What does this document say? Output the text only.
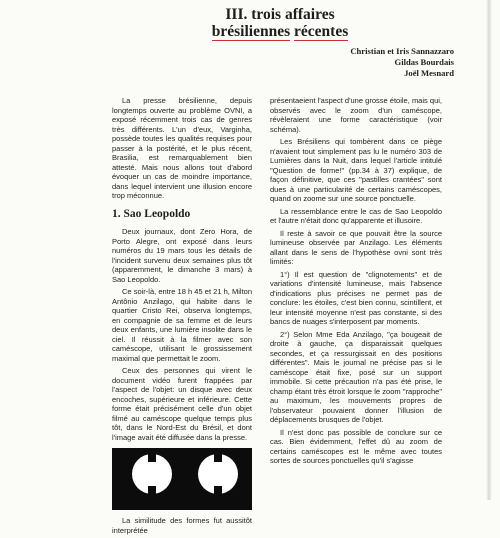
III. trois affaires
brésiliennes récentes
Christian et Iris Sannazzaro
Gildas Bourdais
Joël Mesnard

La presse brésilienne, depuis longtemps ouverte au problème OVNI, a exposé récemment trois cas de genres très différents. L'un d'eux, Varginha, possède toutes les qualités requises pour passer à la postérité, et le plus récent, Brasilia, est remarquablement bien attesté. Mais nous allons tout d'abord évoquer un cas de moindre importance, dans lequel intervient une illusion encore trop méconnue.

1. Sao Leopoldo

Deux journaux, dont Zero Hora, de Porto Alegre, ont exposé dans leurs numéros du 19 mars tous les détails de l'incident survenu deux semaines plus tôt (apparemment, le dimanche 3 mars) à Sao Leopoldo.

Ce soir-là, entre 18 h 45 et 21 h, Milton Antônio Anzilago, qui habite dans le quartier Cristo Rei, observa longtemps, en compagnie de sa femme et de leurs deux enfants, une lumière insolite dans le ciel. Il réussit à la filmer avec son caméscope, utilisant le grossissement maximal que permettait le zoom.

Ceux des personnes qui virent le document vidéo furent frappées par l'aspect de l'objet: un disque avec deux encoches, supérieure et inférieure. Cette forme était précisément celle d'un objet filmé au caméscope quelque temps plus tôt, dans le Nord-Est du Brésil, et dont l'image avait été diffusée dans la presse.

La similitude des formes fut aussitôt interprétée

présentaeient l'aspect d'une grosse étoile, mais qui, observés avec le zoom d'un caméscope, révèleraient une forme caractéristique (voir schéma).

Les Brésiliens qui tombèrent dans ce piège n'avaient tout simplement pas lu le numéro 303 de Lumières dans la Nuit, dans lequel l'article intitulé "Question de forme!" (pp.34 à 37) explique, de façon définitive, que ces "pastilles crantées" sont dues à une particularité de certains caméscopes, quand on zoome sur une source ponctuelle.

La ressemblance entre le cas de Sao Leopoldo et l'autre n'était donc qu'apparente et illusoire.

Il reste à savoir ce que pouvait être la source lumineuse observée par Anzilago. Les éléments allant dans le sens de l'hypothèse ovni sont très limités:

1°) Il est question de "clignotements" et de variations d'intensité lumineuse, mais l'absence d'indications plus précises ne permet pas de conclure: les étoiles, c'est bien connu, scintillent, et leur intensité moyenne n'est pas constante, si des bancs de nuages s'interposent par moments.

2°) Selon Mme Eda Anzilago, "ça bougeait de droite à gauche, ça disparaissait quelques secondes, et ça ressurgissait en des positions différentes". Mais le journal ne précise pas si le caméscope était fixe, posé sur un support immobile. Si cette précaution n'a pas été prise, le champ étant très étroit lorsque le zoom "rapproche" au maximum, les mouvements propres de l'observateur pouvaient donner l'illusion de déplacements brusques de l'objet.

Il n'est donc pas possible de conclure sur ce cas. Bien évidemment, l'effet dû au zoom de certains caméscopes est le même avec toutes sortes de sources ponctuelles qu'il s'agisse
